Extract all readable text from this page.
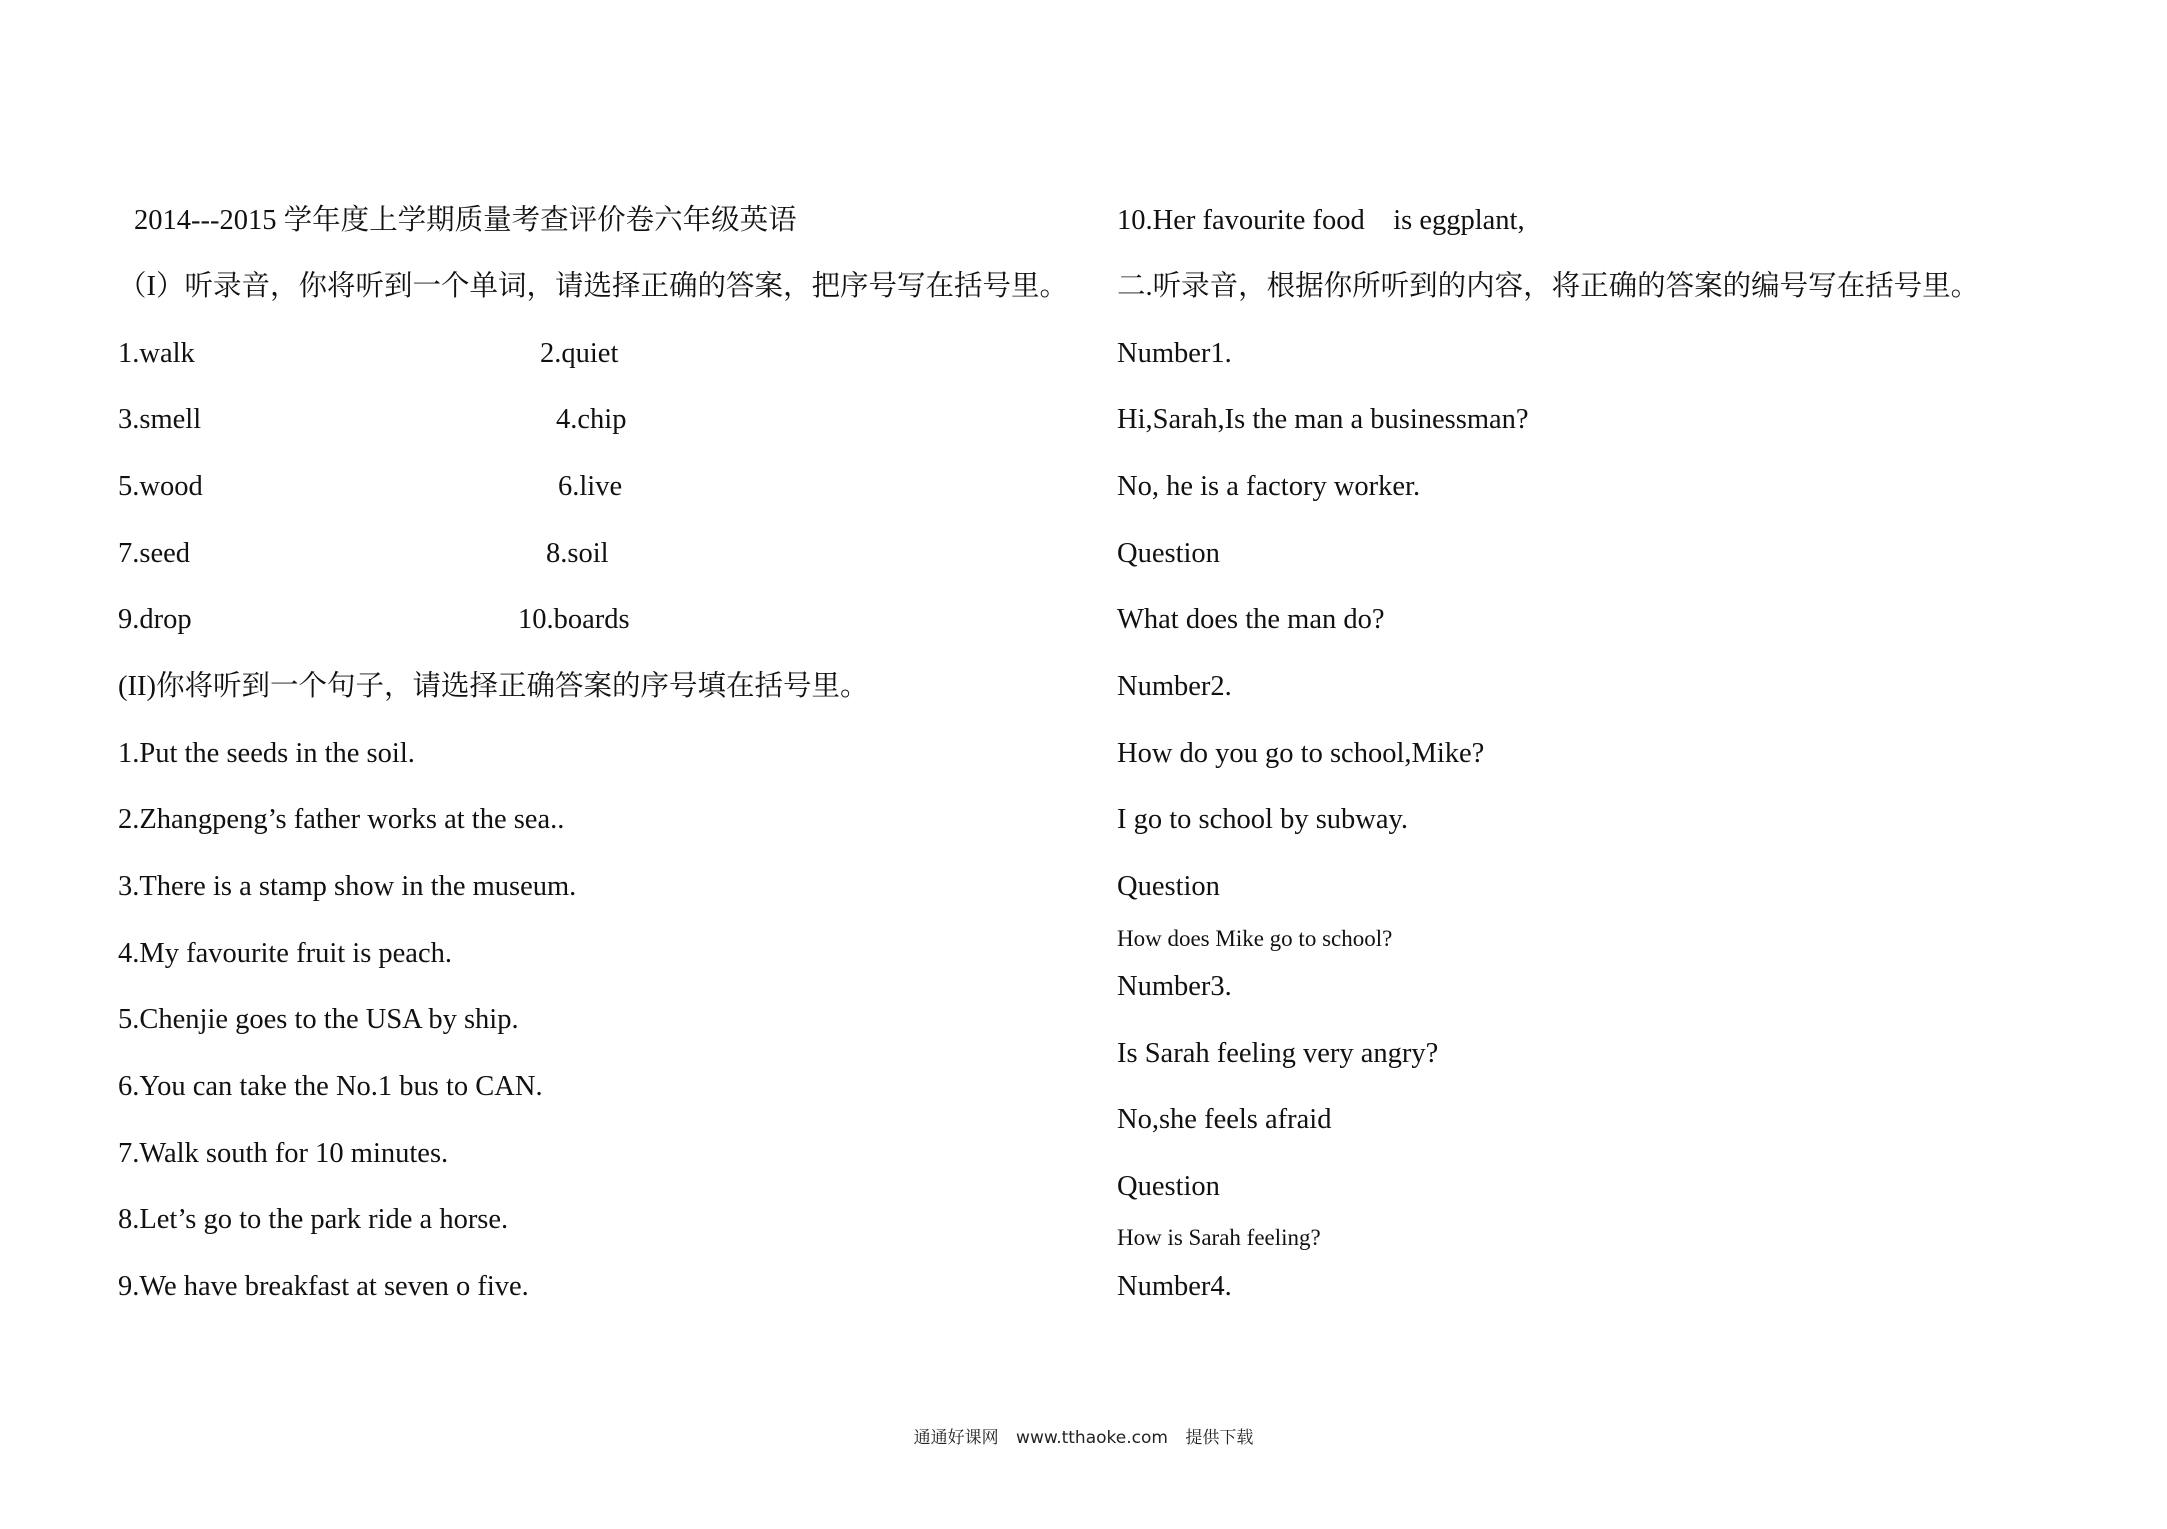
2014---2015 学年度上学期质量考查评价卷六年级英语
（I）听录音，你将听到一个单词，请选择正确的答案，把序号写在括号里。
1.walk	2.quiet
3.smell	4.chip
5.wood	6.live
7.seed	8.soil
9.drop	10.boards
(II)你将听到一个句子，请选择正确答案的序号填在括号里。
1.Put the seeds in the soil.
2.Zhangpeng’s father works at the sea..
3.There is a stamp show in the museum.
4.My favourite fruit is peach.
5.Chenjie goes to the USA by ship.
6.You can take the No.1 bus to CAN.
7.Walk south for 10 minutes.
8.Let’s go to the park ride a horse.
9.We have breakfast at seven o five.
10.Her favourite food    is eggplant,
二.听录音，根据你所听到的内容，将正确的答案的编号写在括号里。
Number1.
Hi,Sarah,Is the man a businessman?
No, he is a factory worker.
Question
What does the man do?
Number2.
How do you go to school,Mike?
I go to school by subway.
Question
How does Mike go to school?
Number3.
Is Sarah feeling very angry?
No,she feels afraid
Question
How is Sarah feeling?
Number4.
通通好课网 www.tthaoke.com 提供下载
